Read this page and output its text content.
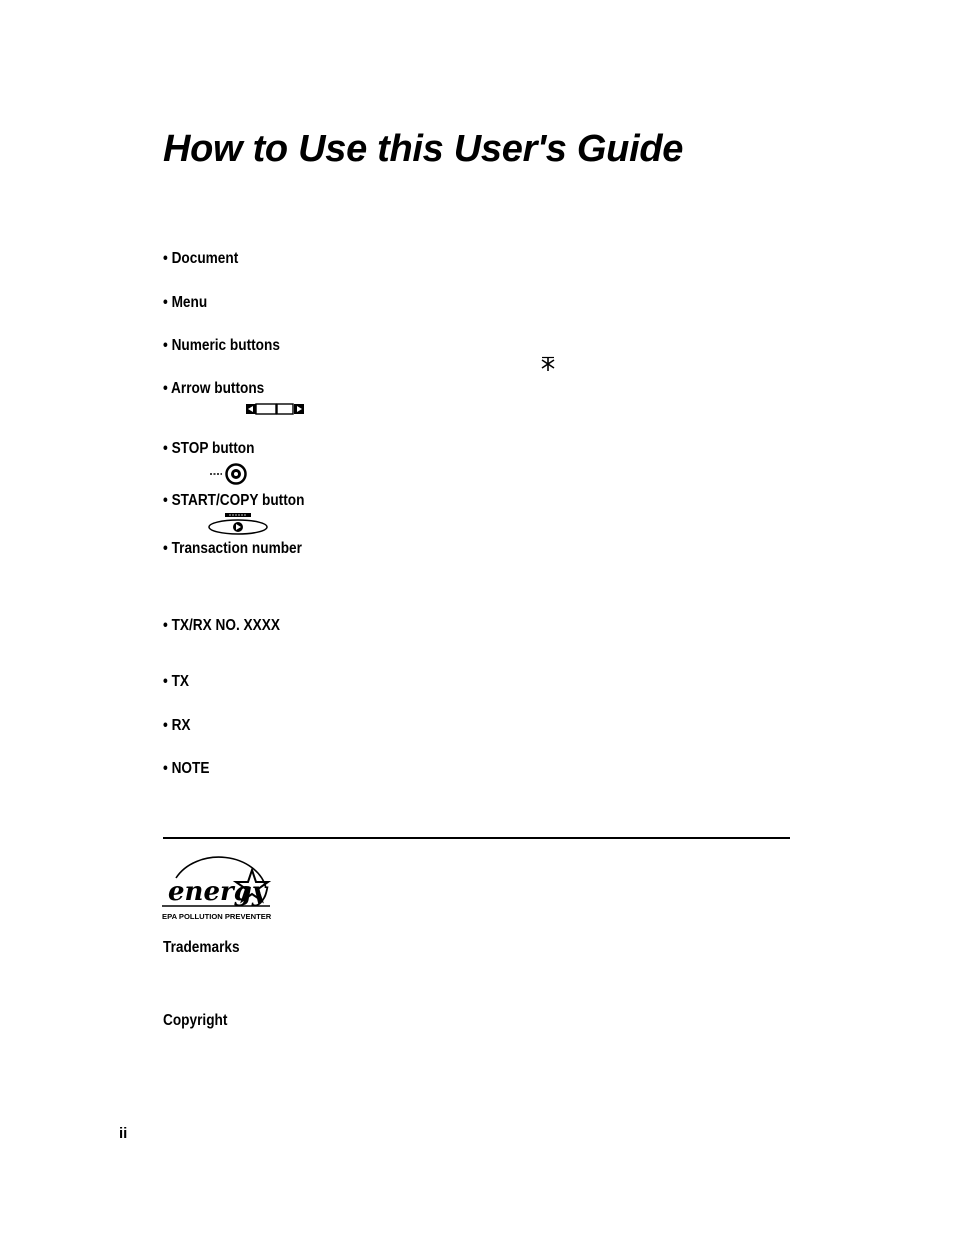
How to Use this User's Guide
• Document
• Menu
• Numeric buttons
• Arrow buttons
• STOP button
• START/COPY button
• Transaction number
• TX/RX NO. XXXX
• TX
• RX
• NOTE
energy
EPA POLLUTION PREVENTER
Trademarks
Copyright
ii
